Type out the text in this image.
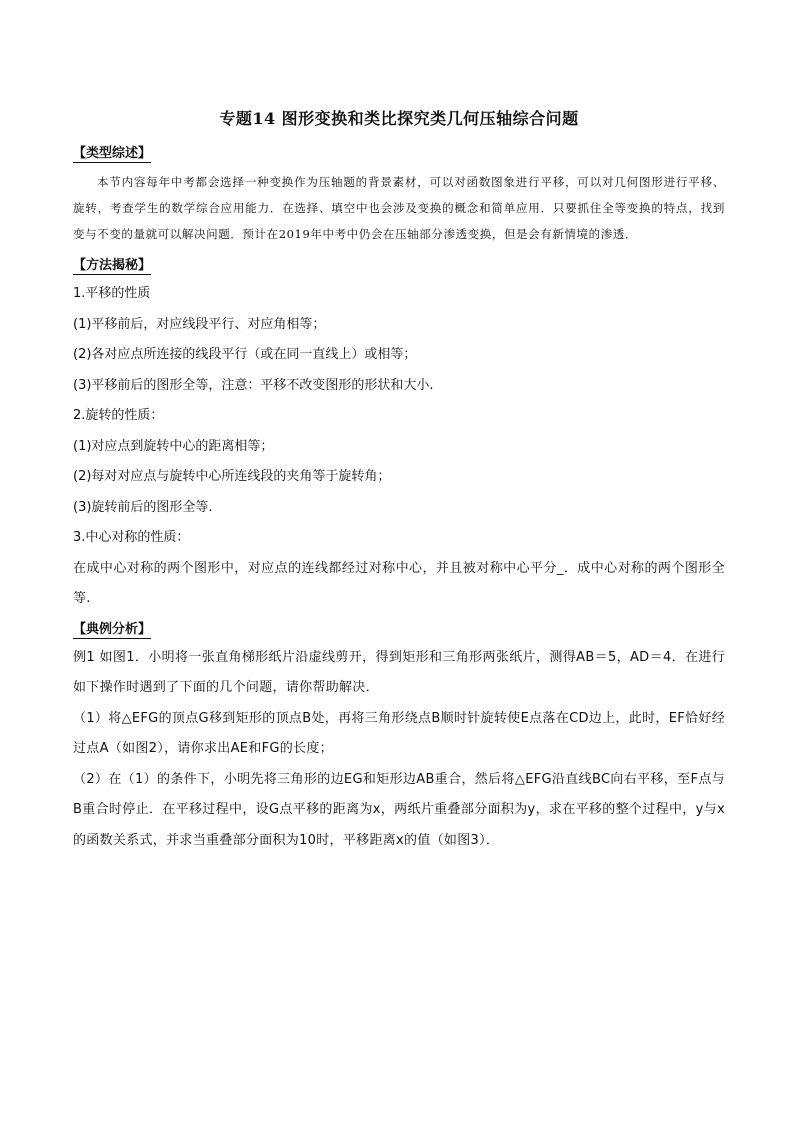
专题14 图形变换和类比探究类几何压轴综合问题
【类型综述】

本节内容每年中考都会选择一种变换作为压轴题的背景素材，可以对函数图象进行平移，可以对几何图形进行平移、旋转，考查学生的数学综合应用能力．在选择、填空中也会涉及变换的概念和简单应用．只要抓住全等变换的特点，找到变与不变的量就可以解决问题．预计在2019年中考中仍会在压轴部分渗透变换，但是会有新情境的渗透．

【方法揭秘】

1.平移的性质

(1)平移前后，对应线段平行、对应角相等；

(2)各对应点所连接的线段平行（或在同一直线上）或相等；

(3)平移前后的图形全等，注意：平移不改变图形的形状和大小.

2.旋转的性质：

(1)对应点到旋转中心的距离相等；

(2)每对对应点与旋转中心所连线段的夹角等于旋转角；

(3)旋转前后的图形全等.

3.中心对称的性质：

在成中心对称的两个图形中，对应点的连线都经过对称中心，并且被对称中心平分_．成中心对称的两个图形全等.

【典例分析】

例1 如图1．小明将一张直角梯形纸片沿虚线剪开，得到矩形和三角形两张纸片，测得AB＝5，AD＝4．在进行如下操作时遇到了下面的几个问题，请你帮助解决．

（1）将△EFG的顶点G移到矩形的顶点B处，再将三角形绕点B顺时针旋转使E点落在CD边上，此时，EF恰好经过点A（如图2），请你求出AE和FG的长度；

（2）在（1）的条件下，小明先将三角形的边EG和矩形边AB重合，然后将△EFG沿直线BC向右平移，至F点与B重合时停止．在平移过程中，设G点平移的距离为x，两纸片重叠部分面积为y，求在平移的整个过程中，y与x的函数关系式，并求当重叠部分面积为10时，平移距离x的值（如图3）．
